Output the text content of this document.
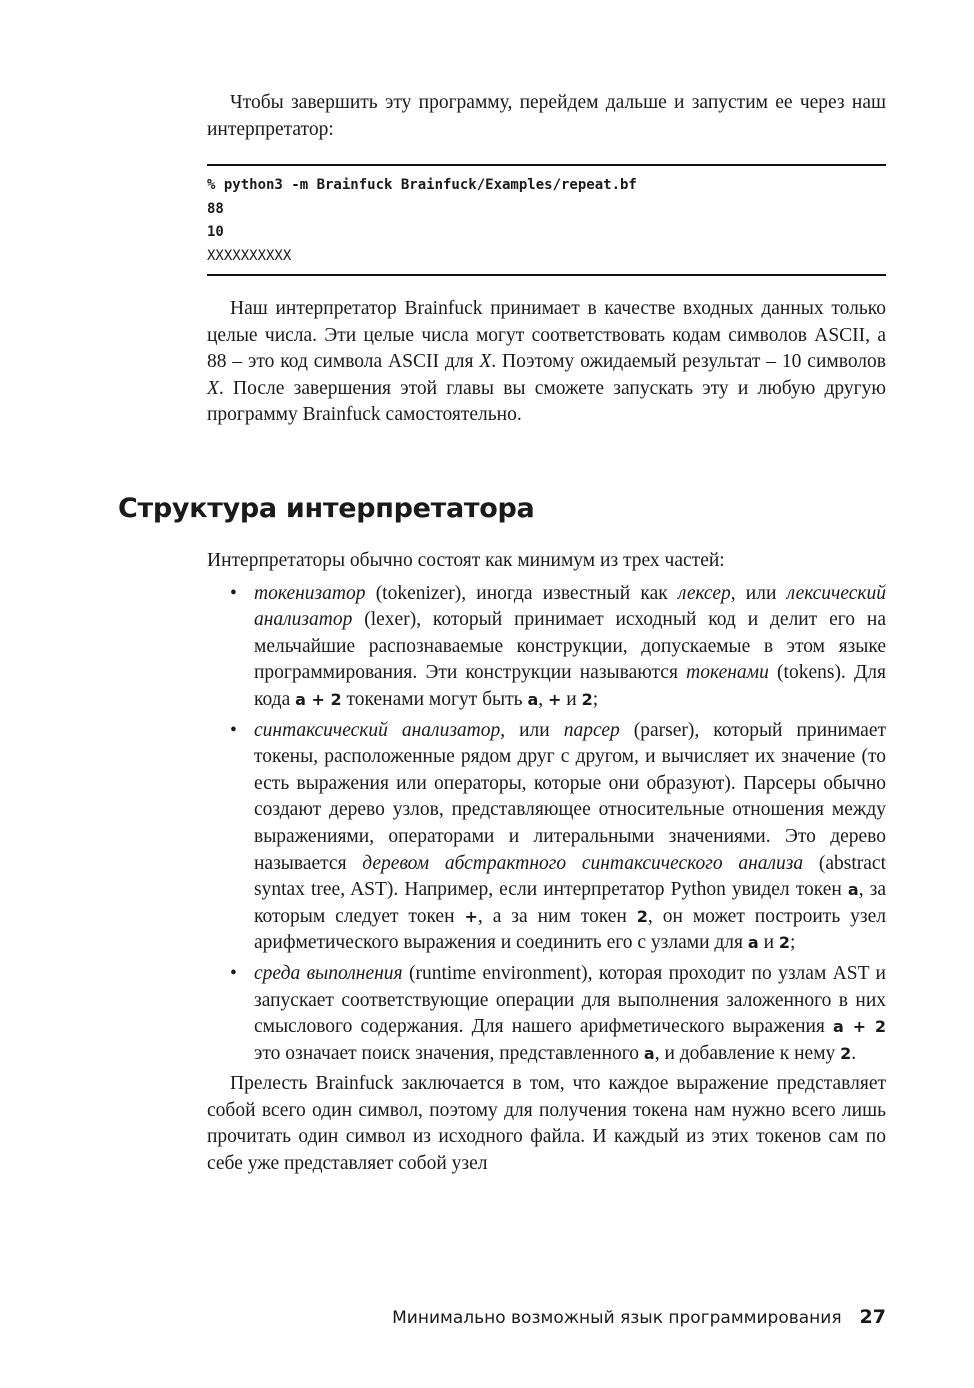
Чтобы завершить эту программу, перейдем дальше и запустим ее через наш интерпретатор:

% python3 -m Brainfuck Brainfuck/Examples/repeat.bf
88
10
XXXXXXXXXX

Наш интерпретатор Brainfuck принимает в качестве входных данных только целые числа. Эти целые числа могут соответствовать кодам символов ASCII, а 88 – это код символа ASCII для X. Поэтому ожидаемый результат – 10 символов X. После завершения этой главы вы сможете запускать эту и любую другую программу Brainfuck самостоятельно.

Структура интерпретатора

Интерпретаторы обычно состоят как минимум из трех частей:

• токенизатор (tokenizer), иногда известный как лексер, или лексический анализатор (lexer), который принимает исходный код и делит его на мельчайшие распознаваемые конструкции, допускаемые в этом языке программирования. Эти конструкции называются токенами (tokens). Для кода a + 2 токенами могут быть a, + и 2;
• синтаксический анализатор, или парсер (parser), который принимает токены, расположенные рядом друг с другом, и вычисляет их значение (то есть выражения или операторы, которые они образуют). Парсеры обычно создают дерево узлов, представляющее относительные отношения между выражениями, операторами и литеральными значениями. Это дерево называется деревом абстрактного синтаксического анализа (abstract syntax tree, AST). Например, если интерпретатор Python увидел токен a, за которым следует токен +, а за ним токен 2, он может построить узел арифметического выражения и соединить его с узлами для a и 2;
• среда выполнения (runtime environment), которая проходит по узлам AST и запускает соответствующие операции для выполнения заложенного в них смыслового содержания. Для нашего арифметического выражения a + 2 это означает поиск значения, представленного a, и добавление к нему 2.

Прелесть Brainfuck заключается в том, что каждое выражение представляет собой всего один символ, поэтому для получения токена нам нужно всего лишь прочитать один символ из исходного файла. И каждый из этих токенов сам по себе уже представляет собой узел

Минимально возможный язык программирования 27
